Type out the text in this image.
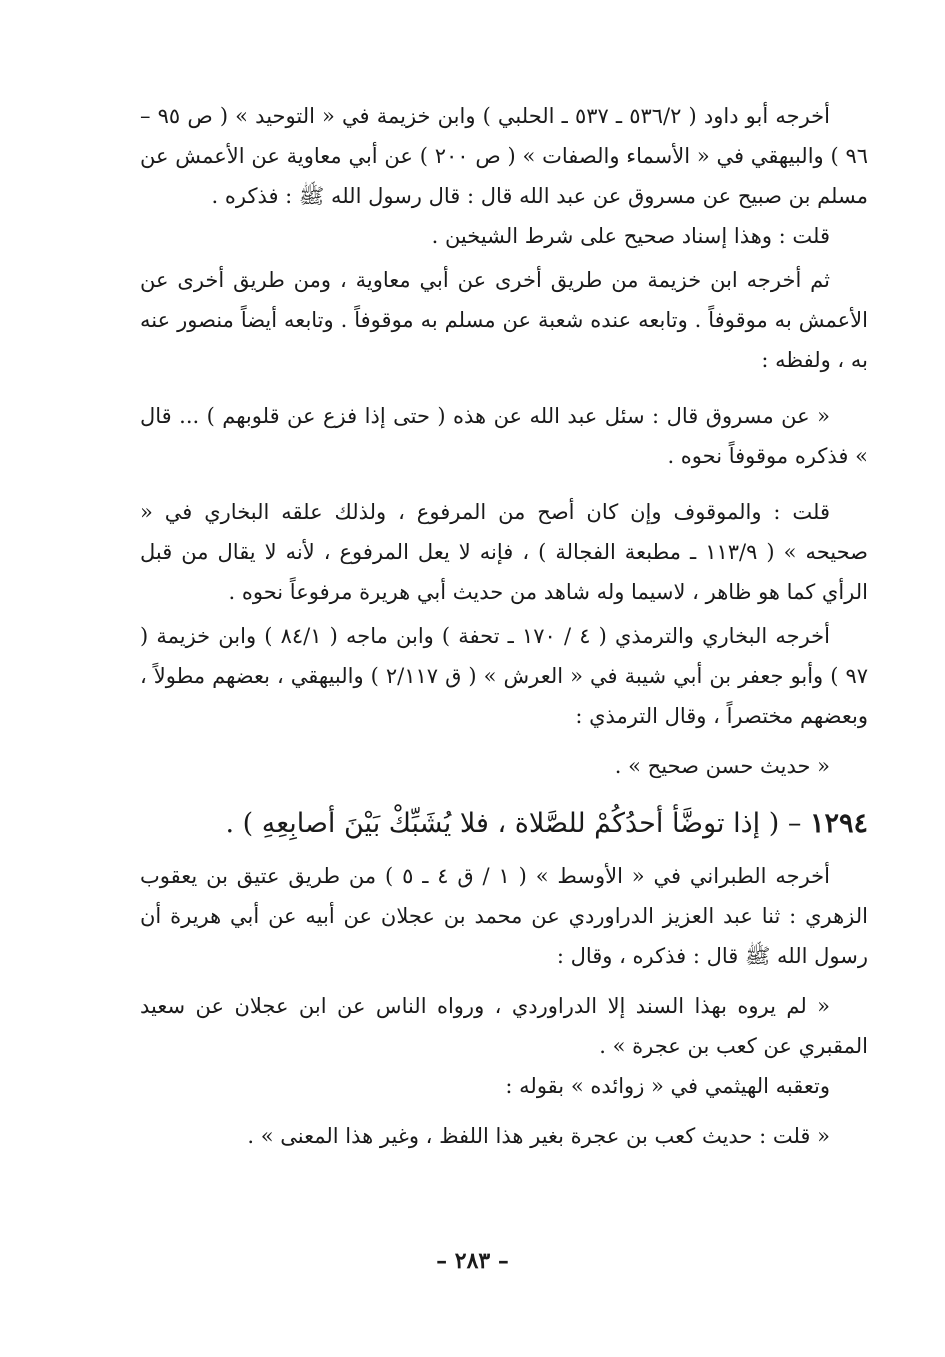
أخرجه أبو داود ( ٥٣٦/٢ ـ ٥٣٧ ـ الحلبي ) وابن خزيمة في « التوحيد » ( ص ٩٥ – ٩٦ ) والبيهقي في « الأسماء والصفات » ( ص ٢٠٠ ) عن أبي معاوية عن الأعمش عن مسلم بن صبيح عن مسروق عن عبد الله قال : قال رسول الله ﷺ : فذكره .

قلت : وهذا إسناد صحيح على شرط الشيخين .

ثم أخرجه ابن خزيمة من طريق أخرى عن أبي معاوية ، ومن طريق أخرى عن الأعمش به موقوفاً . وتابعه عنده شعبة عن مسلم به موقوفاً . وتابعه أيضاً منصور عنه به ، ولفظه :

« عن مسروق قال : سئل عبد الله عن هذه ( حتى إذا فزع عن قلوبهم ) ... قال » فذكره موقوفاً نحوه .

قلت : والموقوف وإن كان أصح من المرفوع ، ولذلك علقه البخاري في « صحيحه » ( ١١٣/٩ ـ مطبعة الفجالة ) ، فإنه لا يعل المرفوع ، لأنه لا يقال من قبل الرأي كما هو ظاهر ، لاسيما وله شاهد من حديث أبي هريرة مرفوعاً نحوه .

أخرجه البخاري والترمذي ( ٤ / ١٧٠ ـ تحفة ) وابن ماجه ( ٨٤/١ ) وابن خزيمة ( ٩٧ ) وأبو جعفر بن أبي شيبة في « العرش » ( ق ٢/١١٧ ) والبيهقي ، بعضهم مطولاً ، وبعضهم مختصراً ، وقال الترمذي :

« حديث حسن صحيح » .

١٢٩٤ – ( إذا توضَّأ أحدُكُمْ للصَّلاة ، فلا يُشَبِّكْ بَيْنَ أصابِعِهِ ) .

أخرجه الطبراني في « الأوسط » ( ١ / ق ٤ ـ ٥ ) من طريق عتيق بن يعقوب الزهري : ثنا عبد العزيز الدراوردي عن محمد بن عجلان عن أبيه عن أبي هريرة أن رسول الله ﷺ قال : فذكره ، وقال :

« لم يروه بهذا السند إلا الدراوردي ، ورواه الناس عن ابن عجلان عن سعيد المقبري عن كعب بن عجرة » .

وتعقبه الهيثمي في « زوائده » بقوله :

« قلت : حديث كعب بن عجرة بغير هذا اللفظ ، وغير هذا المعنى » .

– ٢٨٣ –
